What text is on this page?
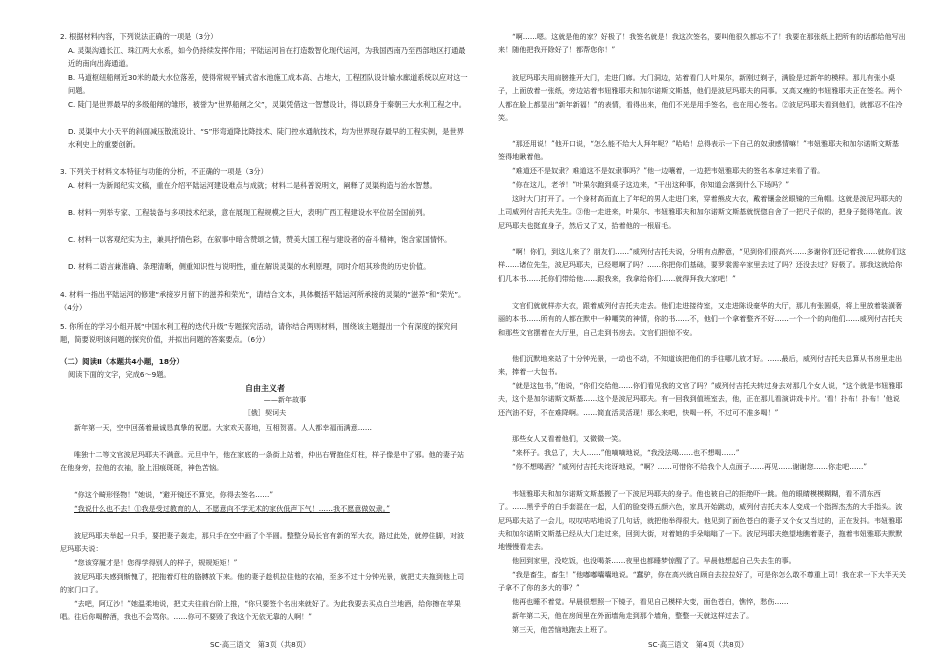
2. 根据材料内容，下列说法正确的一项是（3分）
A. 灵渠沟通长江、珠江两大水系，如今仍持续发挥作用；平陆运河旨在打造数智化现代运河，为我国西南乃至西部地区打通最近的南向出海通道。
B. 马道枢纽船闸近30米的最大水位落差，使得常规平铺式省水池施工成本高、占地大，工程团队设计输水廊道系统以应对这一问题。
C. 陡门是世界最早的多级船闸的雏形，被誉为“世界船闸之父”，灵渠凭借这一智慧设计，得以跻身于秦朝三大水利工程之中。
D. 灵渠中大小天平的斜面减压散流设计、“S”形弯道降比降技术、陡门控水通航技术，均为世界现存最早的工程实例，是世界水利史上的重要创新。
3. 下列关于材料文本特征与功能的分析，不正确的一项是（3分）
A. 材料一为新闻纪实文稿，重在介绍平陆运河建设难点与成就；材料二是科普说明文，阐释了灵渠构造与治水智慧。
B. 材料一列举专家、工程装备与多项技术纪录，意在展现工程规模之巨大，表明广西工程建设水平位居全国前列。
C. 材料一以客观纪实为主，兼具抒情色彩，在叙事中暗含赞颂之情，赞美大国工程与建设者的奋斗精神，饱含家国情怀。
D. 材料二语言兼准确、条理清晰，侧重知识性与说明性，重在解说灵渠的水利原理，同时介绍其珍贵的历史价值。
4. 材料一指出平陆运河的修建“承接岁月留下的滋养和荣光”，请结合文本，具体概括平陆运河所承接的灵渠的“滋养”和“荣光”。（4分）
5. 你所在的学习小组开展“中国水利工程的迭代升级”专题探究活动，请你结合两则材料，围绕该主题提出一个有深度的探究问题，简要说明该问题的探究价值，并拟出问题的答案要点。（6分）
（二）阅读Ⅱ（本题共4小题，18分）
阅读下面的文字，完成6～9题。
自由主义者
——新年故事
［俄］契诃夫
新年第一天，空中回荡着最诚恳真挚的祝愿。大家欢天喜地，互相贺喜。人人都幸福而满意……
唯独十二等文官波尼玛耶夫不满意。元旦中午，他在家底的一条街上站着，仲出右臂抱住灯柱，样子像是中了邪。他的妻子站在他身旁，拉他的衣袖，脸上泪痕斑斑，神色苦恼。
“你这个畸形怪物！”她说，“避开镜还不算完，你得去签名……”
“我说什么也不去！①我是受过教育的人，不愿意向不学无术的家伙低声下气！……我不愿意做奴隶。”
波尼玛耶夫举起一只手，要把妻子轰走，那只手在空中画了个半圆。整整分局长官有新的军大衣，路过此处，就停住脚，对波尼玛耶夫说：
“您该穿履才是！您得学得别人的样子，规规矩矩！”
波尼玛耶夫感到惭愧了，把拖着灯柱的胳膊放下来。他的妻子趁机拉住他的衣袖，至多不过十分钟光景，就把丈夫拖到他上司的家门口了。
“去吧，阿辽沙！”她温柔地说，把丈夫往前台阶上推，“你只要签个名出来就好了。为此我要去买点白兰地酒，给你擦在苹果唱。往后你喝醉酒，我也不会骂你。……你可不要毁了我这个无依无靠的人啊！”
SC·高三语文　第3页（共8页）
“啊……嗯。这就是他的家？好极了！我签名就是！我这次签名，要叫他很久都忘不了！我要在那张纸上把所有的话都给他写出来！随他把我开除好了！都帮您你！”
波尼玛耶夫用肩膀推开大门，走进门廊。大门洞边，站着看门人叶果尔，新刚过剃子，满脸是过新年的模样。那儿有张小桌子，上面放着一张纸，旁边站着韦妞雅耶夫和加尔诺斯文斯基，他们是波尼玛耶夫的同事。又高又瘦的韦妞雅耶夫正在签名。两个人都在脸上都显出“新年新福！”的表情，看得出来，他们不光是用手签名，也在用心签名。②波尼玛耶夫看到他们，就都忍不住冷笑。
“那还用说！”他开口说，“怎么能不给大人拜年呢？”哈哈！总得表示一下自己的奴隶感情嘛！”韦妞雅耶夫和加尔诺斯文斯基签得地瞅着他。
“难道还不是奴隶？难道这不是奴隶事吗？”他一边嚷着，一边把韦妞雅耶夫的签名本拿过来看了看。
“你在这儿，老爷！”叶果尔跑到桌子这边来，“干出这种事，你知道会落到什么下场吗？”
这时大门打开了。一个身材高而直上了年纪的男人走进门来，穿着熊皮大衣，戴着镶金丝眼镜的三角帽。这就是波尼玛耶夫的上司威列付吉托夫先生。③他一走进来，叶果尔、韦妞雅耶夫和加尔诺斯文斯基就恍惚自舍了一把尺子似的，把身子挺得笔直。波尼玛耶夫也挺直身子，然后又了又，拾着他的一根眉毛。
“啊！你们，到这儿来了？朋友们……”威列付吉托夫说，分明有点醉意，“见到你们很高兴……多谢你们还记着我……就你们这样……诸位先生，波尼玛耶夫，已经嗯啊了吗？……你把你们基础，要罗裳需辛家里去过了吗？还没去过？好极了。那我这就给你们几本书……托你们带给他……跟我来，我拿给你们……就得拜我大家吧！”
文官们就就样亦大衣，跟着威列付吉托夫走去。他们走进接待室，又走进陈设豪华的大厅，那儿有张圆桌，将上里放着装潢奢丽的本书……所有的人都在默中一种嘲笑的神情，你的书……不，他们一个拿着整齐不好……一个一个的向他们……威列付吉托夫和那些文官摆着在大厅里，自己走到书房去。文官们担惊不安。
他们沉默地来站了十分钟光景，一动也不动，不知道该把他们的手往哪儿放才好。……最后，威列付吉托夫总算从书房里走出来，捧着一大包书。
“就是这包书，”他说，“你们交给他……你们看见我的文官了吗？”威列付吉托夫转过身去对那几个女人说，“这个就是韦妞雅耶夫，这个是加尔诺斯文斯基……这个是波尼玛耶夫。有一回我到值班室去，他，正在那儿看演讲戏卡片。‘看！扑布！扑布！’他说还汽油不好，不在难降啊。……简直活灵活现！那么来吧，快喝一杯，不过可不准多喝！”
那些女人又看着他们，又微微一笑。
“来杯子。我总了，大人……”他嘀嘀地说，“我没法喝……也不想喝……”
“你不想喝酒？”威列付吉托夫诧讶地说，“啊？……可惜你不给我个人点面子……再见……谢谢您……你走吧……”
韦妞雅耶夫和加尔诺斯文斯基搬了一下波尼玛耶夫的身子。他也被自己的拒绝吓一跳。他的眼睛模模糊糊，看不清东西了。……黑乎乎的白手套混在一起，人们的脸变得五颜六色，家具开始跳动，威列付吉托夫本人变成一个指挥杰杰的大手指头。波尼玛耶夫站了一会儿，叹叹咕咕地说了几句话，就把他举得很大。他见到了面色苍白的妻子又个女又当过的，正在发抖。韦妞雅耶夫和加尔诺斯文斯基已经从大门走过来，回到大街，对着她的手朵嗡嗡了一下。波尼玛耶夫绝望地瞧着妻子，拖着韦妞雅耶夫默默地慢慢看走去。
他回到家里，没吃饭，也没喝茶……夜里也都睡梦惊醒了了。早晨他想起自己失去生的事。
“我是畜生，畜生！”他嘟嘟囔囔地说。“蠢驴，你在高兴就自顾自去拉拉好了，可是你怎么敢不尊重上司！我在求一下大半天关子拿不了你的多大的事？”
他再也睡不着觉。早晨很想照一下镜子，看见自己模样大变，面色苍白，憔悴，愁伤……
新年第二天，他在房间里在外面墙角走到那个墙角，整整一天就这样过去了。
第三天，他苦恼地跑去上班了。
SC·高三语文　第4页（共8页）
